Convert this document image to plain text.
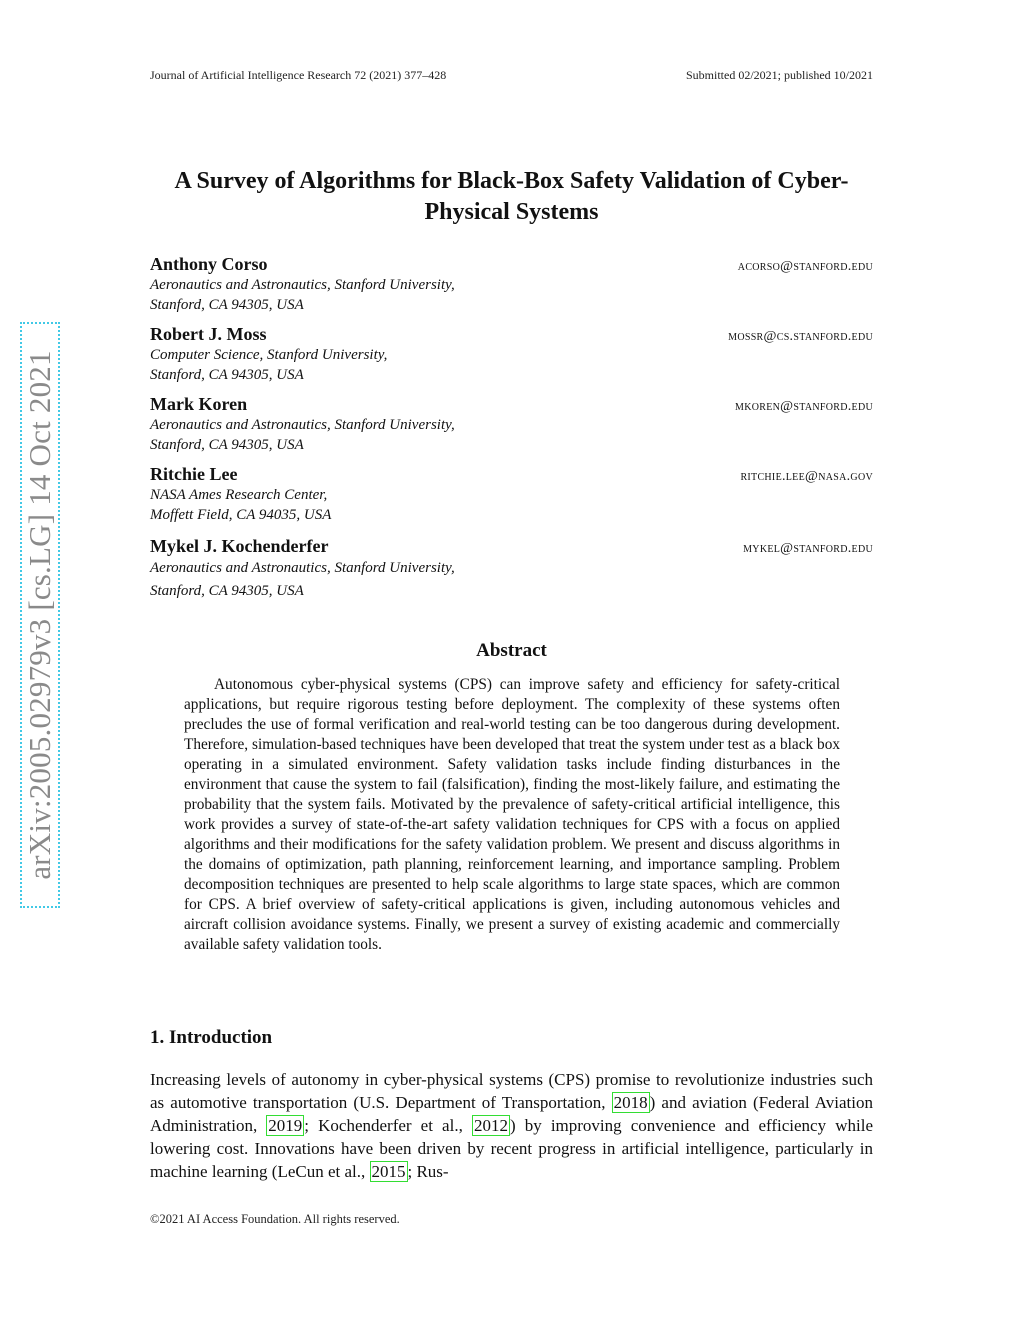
Journal of Artificial Intelligence Research 72 (2021) 377–428	Submitted 02/2021; published 10/2021
arXiv:2005.02979v3 [cs.LG] 14 Oct 2021
A Survey of Algorithms for Black-Box Safety Validation of Cyber-Physical Systems
Anthony Corso	acorso@stanford.edu
Aeronautics and Astronautics, Stanford University,
Stanford, CA 94305, USA
Robert J. Moss	mossr@cs.stanford.edu
Computer Science, Stanford University,
Stanford, CA 94305, USA
Mark Koren	mkoren@stanford.edu
Aeronautics and Astronautics, Stanford University,
Stanford, CA 94305, USA
Ritchie Lee	ritchie.lee@nasa.gov
NASA Ames Research Center,
Moffett Field, CA 94035, USA
Mykel J. Kochenderfer	mykel@stanford.edu
Aeronautics and Astronautics, Stanford University,
Stanford, CA 94305, USA
Abstract

Autonomous cyber-physical systems (CPS) can improve safety and efficiency for safety-critical applications, but require rigorous testing before deployment. The complexity of these systems often precludes the use of formal verification and real-world testing can be too dangerous during development. Therefore, simulation-based techniques have been developed that treat the system under test as a black box operating in a simulated environment. Safety validation tasks include finding disturbances in the environment that cause the system to fail (falsification), finding the most-likely failure, and estimating the probability that the system fails. Motivated by the prevalence of safety-critical artificial intelligence, this work provides a survey of state-of-the-art safety validation techniques for CPS with a focus on applied algorithms and their modifications for the safety validation problem. We present and discuss algorithms in the domains of optimization, path planning, reinforcement learning, and importance sampling. Problem decomposition techniques are presented to help scale algorithms to large state spaces, which are common for CPS. A brief overview of safety-critical applications is given, including autonomous vehicles and aircraft collision avoidance systems. Finally, we present a survey of existing academic and commercially available safety validation tools.

1. Introduction

Increasing levels of autonomy in cyber-physical systems (CPS) promise to revolutionize industries such as automotive transportation (U.S. Department of Transportation, 2018 ) and aviation (Federal Aviation Administration, 2019 ; Kochenderfer et al., 2012 ) by improving convenience and efficiency while lowering cost. Innovations have been driven by recent progress in artificial intelligence, particularly in machine learning (LeCun et al., 2015 ; Rus-

©2021 AI Access Foundation. All rights reserved.
